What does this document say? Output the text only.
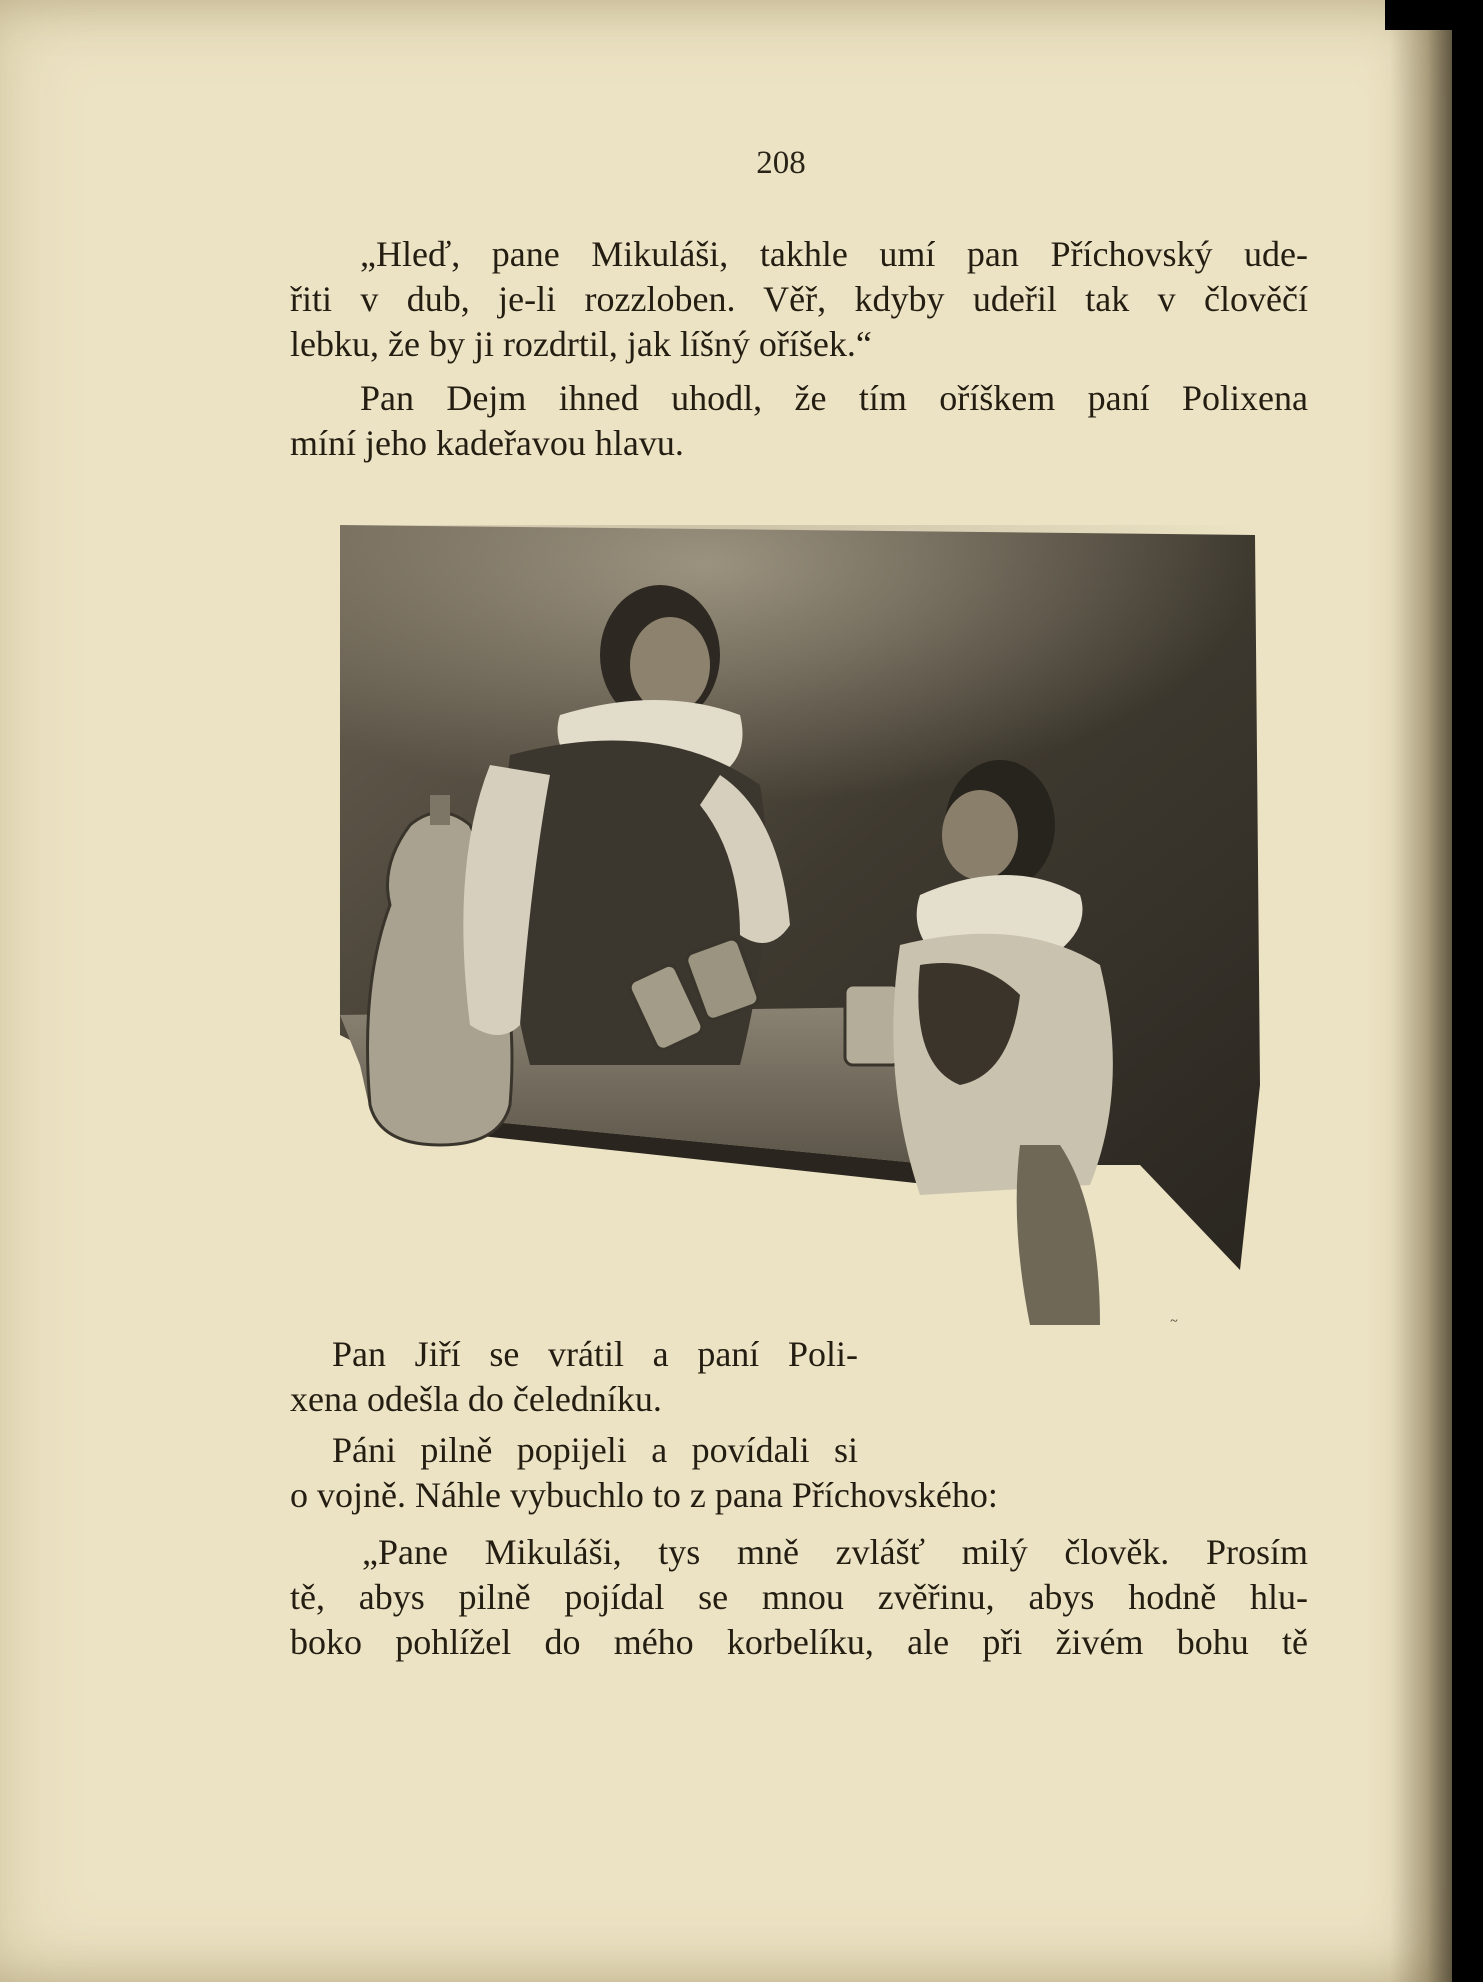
208
„Hleď, pane Mikuláši, takhle umí pan Příchovský ude-
řiti v dub, je-li rozzloben. Věř, kdyby udeřil tak v člověčí
lebku, že by ji rozdrtil, jak líšný oříšek.“
Pan Dejm ihned uhodl, že tím oříškem paní Polixena
míní jeho kadeřavou hlavu.
~
Pan Jiří se vrátil a paní Poli-
xena odešla do čeledníku.
Páni pilně popijeli a povídali si
o vojně. Náhle vybuchlo to z pana Příchovského:
„Pane Mikuláši, tys mně zvlášť milý člověk. Prosím
tě, abys pilně pojídal se mnou zvěřinu, abys hodně hlu-
boko pohlížel do mého korbelíku, ale při živém bohu tě
